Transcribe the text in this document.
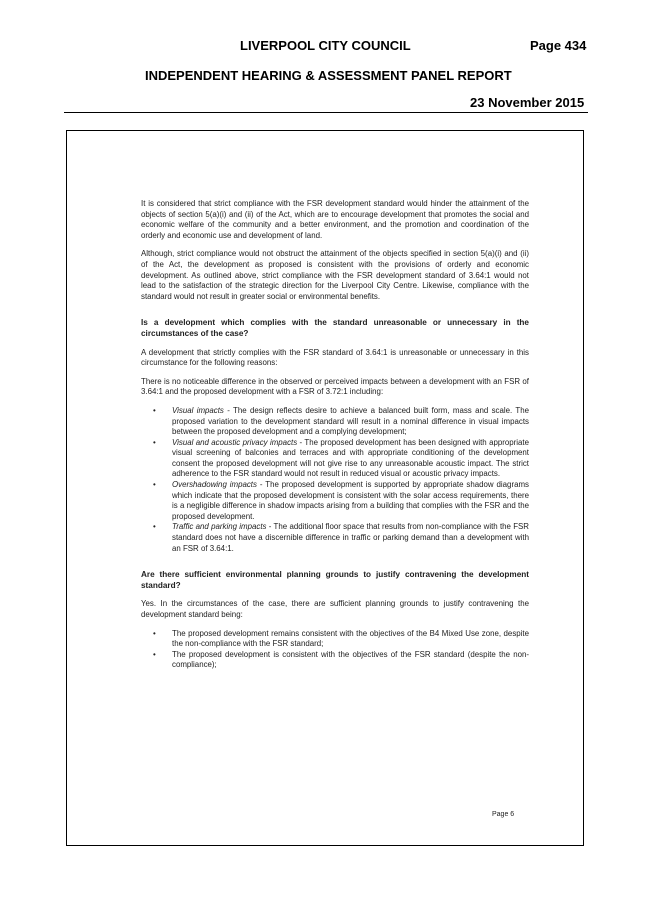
LIVERPOOL CITY COUNCIL	Page 434
INDEPENDENT HEARING & ASSESSMENT PANEL REPORT
23 November 2015

It is considered that strict compliance with the FSR development standard would hinder the attainment of the objects of section 5(a)(i) and (ii) of the Act, which are to encourage development that promotes the social and economic welfare of the community and a better environment, and the promotion and coordination of the orderly and economic use and development of land.

Although, strict compliance would not obstruct the attainment of the objects specified in section 5(a)(i) and (ii) of the Act, the development as proposed is consistent with the provisions of orderly and economic development. As outlined above, strict compliance with the FSR development standard of 3.64:1 would not lead to the satisfaction of the strategic direction for the Liverpool City Centre. Likewise, compliance with the standard would not result in greater social or environmental benefits.

Is a development which complies with the standard unreasonable or unnecessary in the circumstances of the case?

A development that strictly complies with the FSR standard of 3.64:1 is unreasonable or unnecessary in this circumstance for the following reasons:

There is no noticeable difference in the observed or perceived impacts between a development with an FSR of 3.64:1 and the proposed development with a FSR of 3.72:1 including:

• Visual impacts - The design reflects desire to achieve a balanced built form, mass and scale. The proposed variation to the development standard will result in a nominal difference in visual impacts between the proposed development and a complying development;
• Visual and acoustic privacy impacts - The proposed development has been designed with appropriate visual screening of balconies and terraces and with appropriate conditioning of the development consent the proposed development will not give rise to any unreasonable acoustic impact. The strict adherence to the FSR standard would not result in reduced visual or acoustic privacy impacts.
• Overshadowing impacts - The proposed development is supported by appropriate shadow diagrams which indicate that the proposed development is consistent with the solar access requirements, there is a negligible difference in shadow impacts arising from a building that complies with the FSR and the proposed development.
• Traffic and parking impacts - The additional floor space that results from non-compliance with the FSR standard does not have a discernible difference in traffic or parking demand than a development with an FSR of 3.64:1.

Are there sufficient environmental planning grounds to justify contravening the development standard?

Yes. In the circumstances of the case, there are sufficient planning grounds to justify contravening the development standard being:

• The proposed development remains consistent with the objectives of the B4 Mixed Use zone, despite the non-compliance with the FSR standard;
• The proposed development is consistent with the objectives of the FSR standard (despite the non-compliance);
Page 6
